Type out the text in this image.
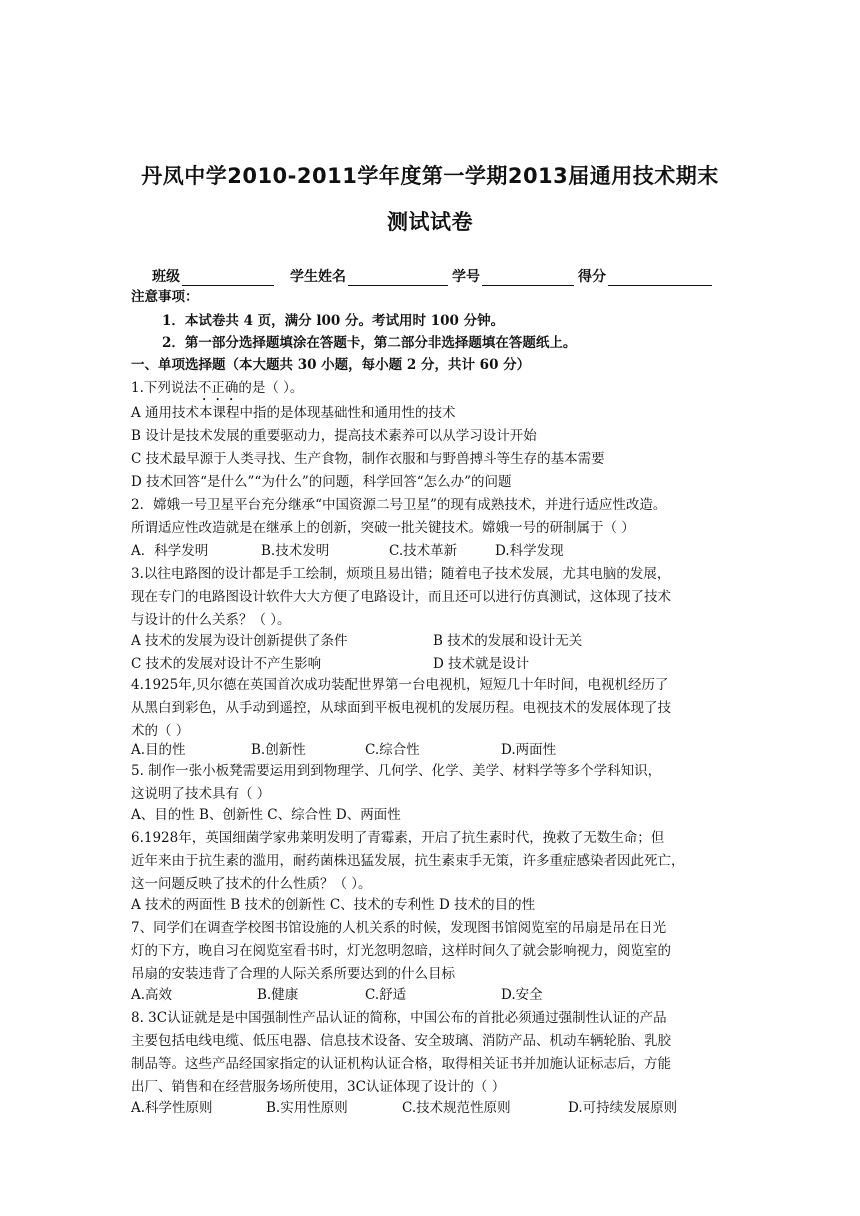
丹凤中学2010-2011学年度第一学期2013届通用技术期末
测试试卷
班级	学生姓名	学号	得分
注意事项：
1．本试卷共 4 页，满分 l00 分。考试用时 100 分钟。
2．第一部分选择题填涂在答题卡，第二部分非选择题填在答题纸上。
一、单项选择题（本大题共 30 小题，每小题 2 分，共计 60 分）
1.下列说法不正确的是（ ）。
A 通用技术本课程中指的是体现基础性和通用性的技术
B 设计是技术发展的重要驱动力，提高技术素养可以从学习设计开始
C 技术最早源于人类寻找、生产食物，制作衣服和与野兽搏斗等生存的基本需要
D 技术回答“是什么”“为什么”的问题，科学回答“怎么办”的问题
2．嫦娥一号卫星平台充分继承“中国资源二号卫星”的现有成熟技术，并进行适应性改造。
所谓适应性改造就是在继承上的创新，突破一批关键技术。嫦娥一号的研制属于（ ）
A．科学发明	B.技术发明	C.技术革新	D.科学发现
3.以往电路图的设计都是手工绘制，烦琐且易出错；随着电子技术发展，尤其电脑的发展，
现在专门的电路图设计软件大大方便了电路设计，而且还可以进行仿真测试，这体现了技术
与设计的什么关系？（ ）。
A 技术的发展为设计创新提供了条件	B 技术的发展和设计无关
C 技术的发展对设计不产生影响	D 技术就是设计
4.1925年,贝尔德在英国首次成功装配世界第一台电视机，短短几十年时间，电视机经历了
从黑白到彩色，从手动到遥控，从球面到平板电视机的发展历程。电视技术的发展体现了技
术的（ ）
A.目的性	B.创新性	C.综合性	D.两面性
5. 制作一张小板凳需要运用到到物理学、几何学、化学、美学、材料学等多个学科知识，
这说明了技术具有（ ）
A、目的性 B、创新性 C、综合性 D、两面性
6.1928年，英国细菌学家弗莱明发明了青霉素，开启了抗生素时代，挽救了无数生命；但
近年来由于抗生素的滥用，耐药菌株迅猛发展，抗生素束手无策，许多重症感染者因此死亡，
这一问题反映了技术的什么性质？（ ）。
A 技术的两面性 B 技术的创新性 C、技术的专利性 D 技术的目的性
7、同学们在调查学校图书馆设施的人机关系的时候，发现图书馆阅览室的吊扇是吊在日光
灯的下方，晚自习在阅览室看书时，灯光忽明忽暗，这样时间久了就会影响视力，阅览室的
吊扇的安装违背了合理的人际关系所要达到的什么目标
A.高效	B.健康	C.舒适	D.安全
8. 3C认证就是是中国强制性产品认证的简称，中国公布的首批必须通过强制性认证的产品
主要包括电线电缆、低压电器、信息技术设备、安全玻璃、消防产品、机动车辆轮胎、乳胶
制品等。这些产品经国家指定的认证机构认证合格，取得相关证书并加施认证标志后，方能
出厂、销售和在经营服务场所使用，3C认证体现了设计的（ ）
A.科学性原则	B.实用性原则	C.技术规范性原则	D.可持续发展原则
